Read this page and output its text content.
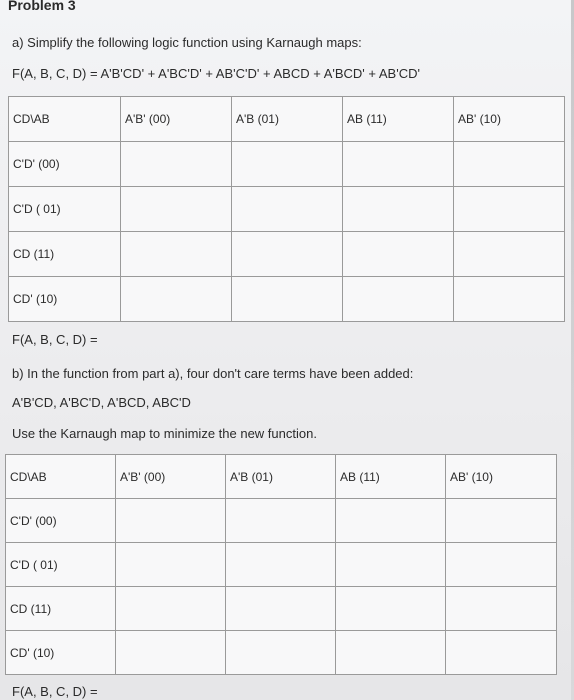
Problem 3

a) Simplify the following logic function using Karnaugh maps:

F(A, B, C, D) = A'B'CD' + A'BC'D' + AB'C'D' + ABCD + A'BCD' + AB'CD'

CD\AB	A'B' (00)	A'B (01)	AB (11)	AB' (10)
C'D' (00)				
C'D ( 01)				
CD (11)				
CD' (10)				

F(A, B, C, D) =

b) In the function from part a), four don't care terms have been added:

A'B'CD, A'BC'D, A'BCD, ABC'D

Use the Karnaugh map to minimize the new function.

CD\AB	A'B' (00)	A'B (01)	AB (11)	AB' (10)
C'D' (00)				
C'D ( 01)				
CD (11)				
CD' (10)				

F(A, B, C, D) =
